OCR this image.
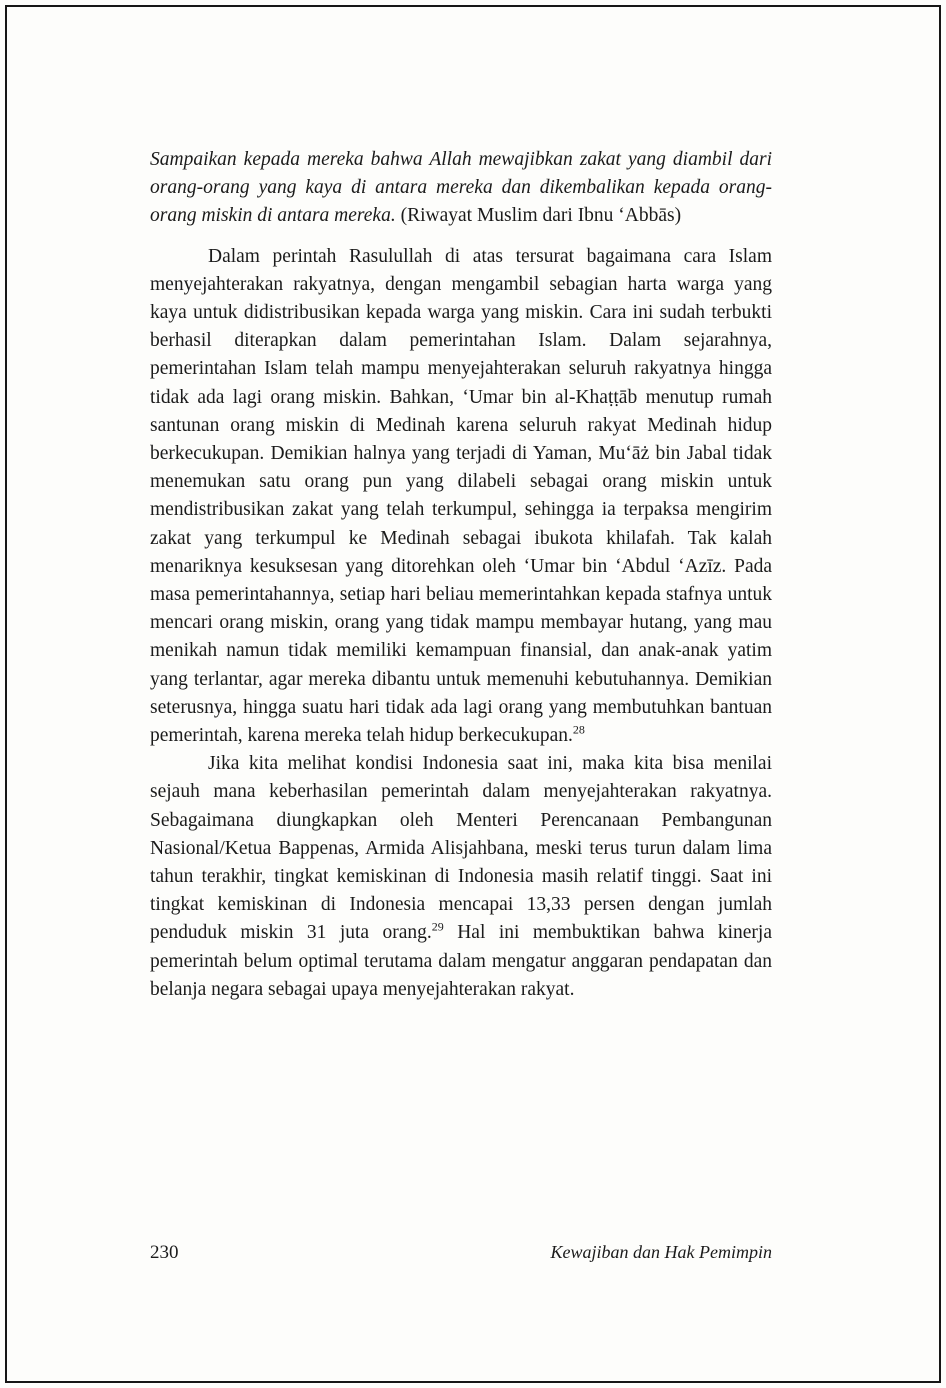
Sampaikan kepada mereka bahwa Allah mewajibkan zakat yang diambil dari orang-orang yang kaya di antara mereka dan dikembalikan kepada orang-orang miskin di antara mereka. (Riwayat Muslim dari Ibnu ‘Abbās)

Dalam perintah Rasulullah di atas tersurat bagaimana cara Islam menyejahterakan rakyatnya, dengan mengambil sebagian harta warga yang kaya untuk didistribusikan kepada warga yang miskin. Cara ini sudah terbukti berhasil diterapkan dalam pemerintahan Islam. Dalam sejarahnya, pemerintahan Islam telah mampu menyejahterakan seluruh rakyatnya hingga tidak ada lagi orang miskin. Bahkan, ‘Umar bin al-Khaṭṭāb menutup rumah santunan orang miskin di Medinah karena seluruh rakyat Medinah hidup berkecukupan. Demikian halnya yang terjadi di Yaman, Mu‘āż bin Jabal tidak menemukan satu orang pun yang dilabeli sebagai orang miskin untuk mendistribusikan zakat yang telah terkumpul, sehingga ia terpaksa mengirim zakat yang terkumpul ke Medinah sebagai ibukota khilafah. Tak kalah menariknya kesuksesan yang ditorehkan oleh ‘Umar bin ‘Abdul ‘Azīz. Pada masa pemerintahannya, setiap hari beliau memerintahkan kepada stafnya untuk mencari orang miskin, orang yang tidak mampu membayar hutang, yang mau menikah namun tidak memiliki kemampuan finansial, dan anak-anak yatim yang terlantar, agar mereka dibantu untuk memenuhi kebutuhannya. Demikian seterusnya, hingga suatu hari tidak ada lagi orang yang membutuhkan bantuan pemerintah, karena mereka telah hidup berkecukupan.$^{28}$

Jika kita melihat kondisi Indonesia saat ini, maka kita bisa menilai sejauh mana keberhasilan pemerintah dalam menyejahterakan rakyatnya. Sebagaimana diungkapkan oleh Menteri Perencanaan Pembangunan Nasional/Ketua Bappenas, Armida Alisjahbana, meski terus turun dalam lima tahun terakhir, tingkat kemiskinan di Indonesia masih relatif tinggi. Saat ini tingkat kemiskinan di Indonesia mencapai 13,33 persen dengan jumlah penduduk miskin 31 juta orang.$^{29}$ Hal ini membuktikan bahwa kinerja pemerintah belum optimal terutama dalam mengatur anggaran pendapatan dan belanja negara sebagai upaya menyejahterakan rakyat.

230	Kewajiban dan Hak Pemimpin
